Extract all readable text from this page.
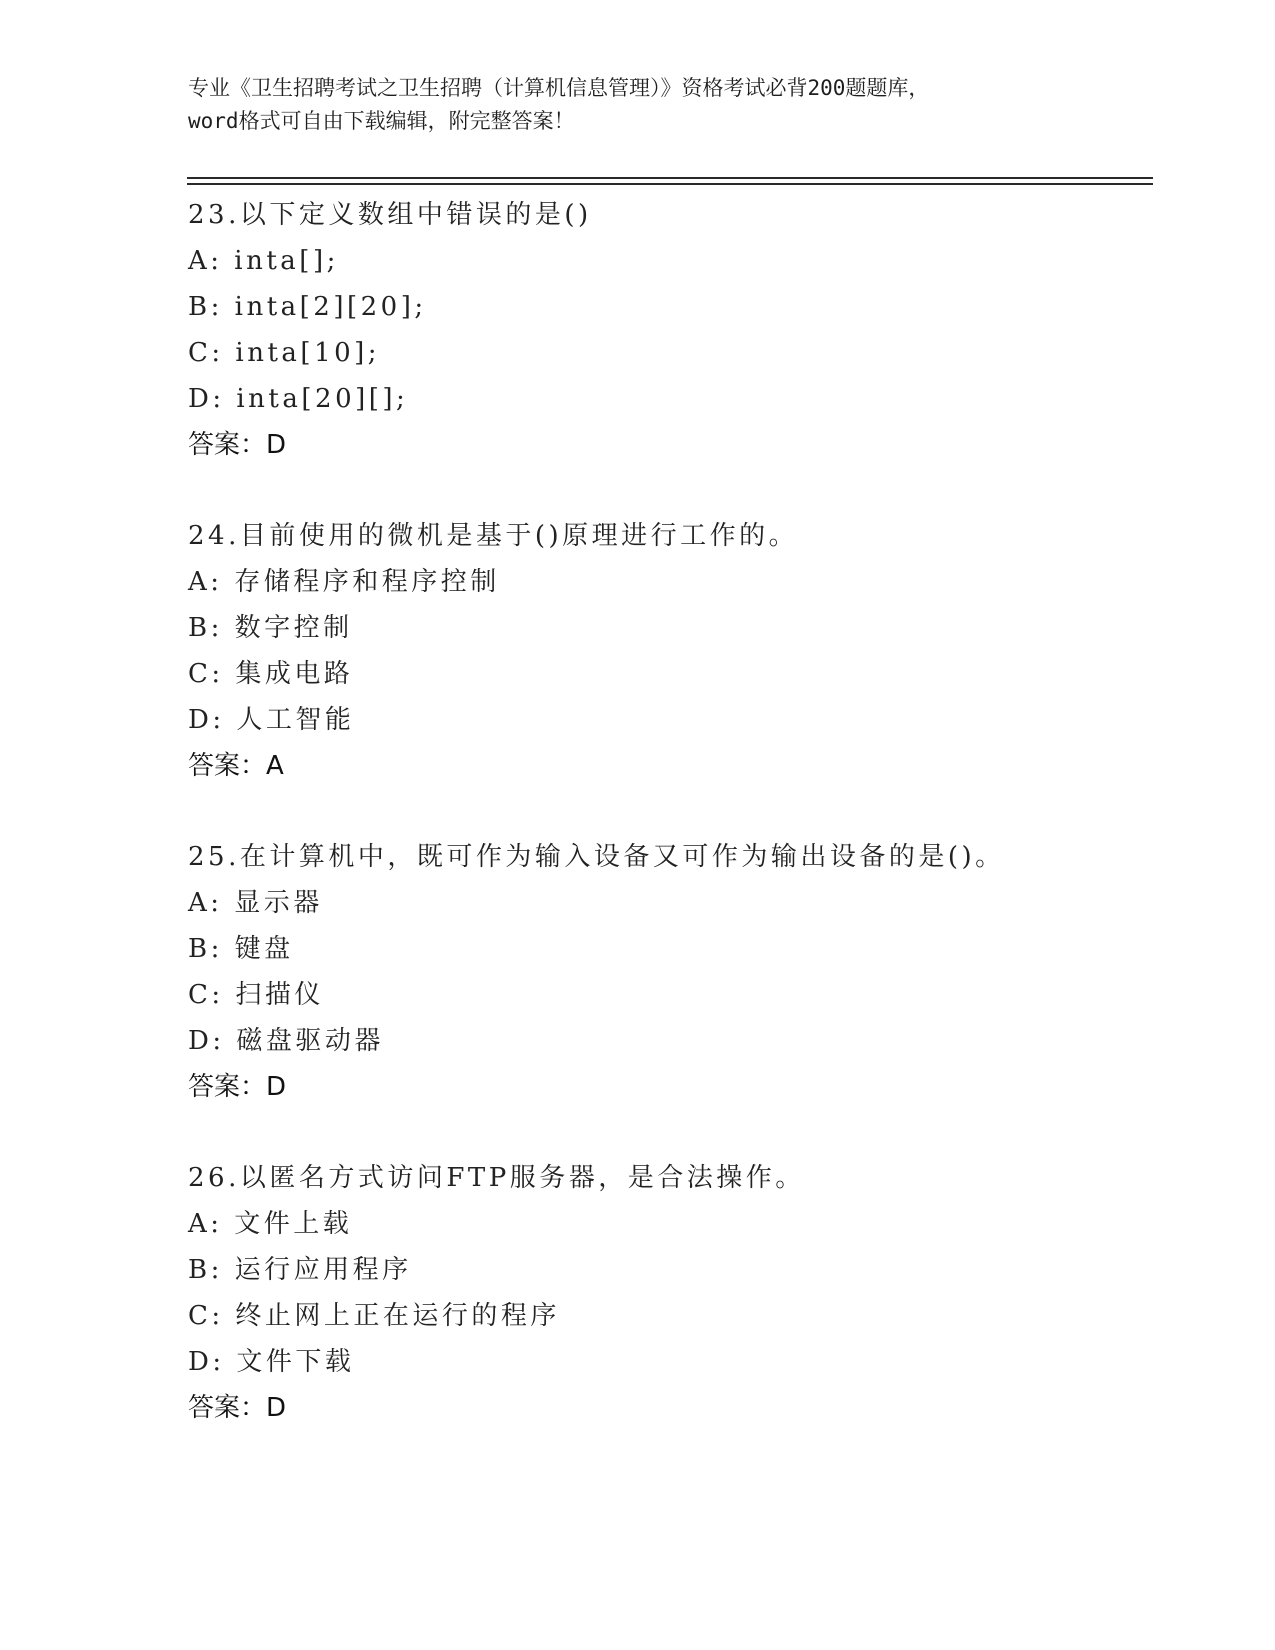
专业《卫生招聘考试之卫生招聘（计算机信息管理）》资格考试必背200题题库，
word格式可自由下载编辑，附完整答案！
23.以下定义数组中错误的是()
A: inta[];
B: inta[2][20];
C: inta[10];
D: inta[20][];
答案：D
24.目前使用的微机是基于()原理进行工作的。
A: 存储程序和程序控制
B: 数字控制
C: 集成电路
D: 人工智能
答案：A
25.在计算机中，既可作为输入设备又可作为输出设备的是()。
A: 显示器
B: 键盘
C: 扫描仪
D: 磁盘驱动器
答案：D
26.以匿名方式访问FTP服务器，是合法操作。
A: 文件上载
B: 运行应用程序
C: 终止网上正在运行的程序
D: 文件下载
答案：D
